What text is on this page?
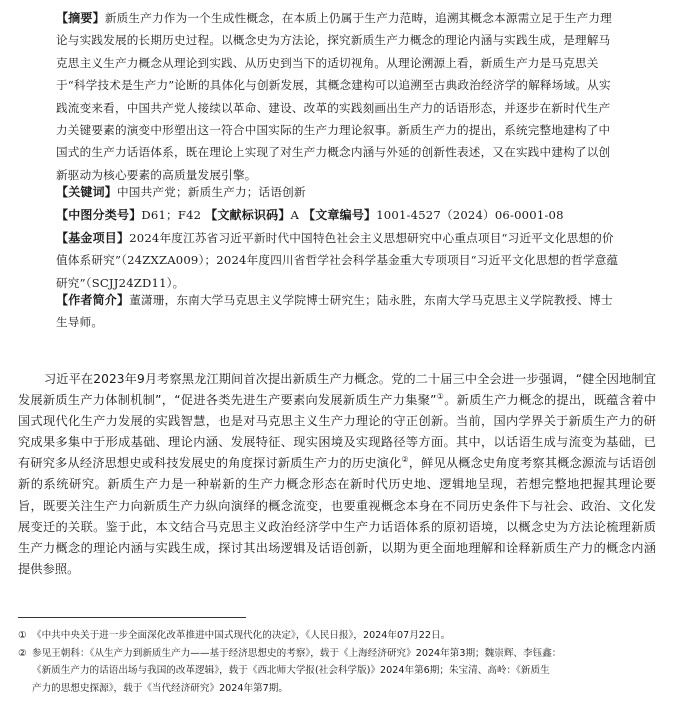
【摘要】新质生产力作为一个生成性概念，在本质上仍属于生产力范畴，追溯其概念本源需立足于生产力理论与实践发展的长期历史过程。以概念史为方法论，探究新质生产力概念的理论内涵与实践生成，是理解马克思主义生产力概念从理论到实践、从历史到当下的适切视角。从理论溯源上看，新质生产力是马克思关于“科学技术是生产力”论断的具体化与创新发展，其概念建构可以追溯至古典政治经济学的解释场域。从实践流变来看，中国共产党人接续以革命、建设、改革的实践刻画出生产力的话语形态，并逐步在新时代生产力关键要素的演变中形塑出这一符合中国实际的生产力理论叙事。新质生产力的提出，系统完整地建构了中国式的生产力话语体系，既在理论上实现了对生产力概念内涵与外延的创新性表述，又在实践中建构了以创新驱动为核心要素的高质量发展引擎。
【关键词】中国共产党；新质生产力；话语创新
【中图分类号】D61；F42 【文献标识码】A 【文章编号】1001-4527（2024）06-0001-08
【基金项目】2024年度江苏省习近平新时代中国特色社会主义思想研究中心重点项目“习近平文化思想的价值体系研究”（24ZXZA009）；2024年度四川省哲学社会科学基金重大专项项目“习近平文化思想的哲学意蕴研究”（SCJJ24ZD11）。
【作者简介】董潇珊，东南大学马克思主义学院博士研究生；陆永胜，东南大学马克思主义学院教授、博士生导师。

习近平在2023年9月考察黑龙江期间首次提出新质生产力概念。党的二十届三中全会进一步强调，“健全因地制宜发展新质生产力体制机制”，“促进各类先进生产要素向发展新质生产力集聚”①。新质生产力概念的提出，既蕴含着中国式现代化生产力发展的实践智慧，也是对马克思主义生产力理论的守正创新。当前，国内学界关于新质生产力的研究成果多集中于形成基础、理论内涵、发展特征、现实困境及实现路径等方面。其中，以话语生成与流变为基础，已有研究多从经济思想史或科技发展史的角度探讨新质生产力的历史演化②，鲜见从概念史角度考察其概念源流与话语创新的系统研究。新质生产力是一种崭新的生产力概念形态在新时代历史地、逻辑地呈现，若想完整地把握其理论要旨，既要关注生产力向新质生产力纵向演绎的概念流变，也要重视概念本身在不同历史条件下与社会、政治、文化发展变迁的关联。鉴于此，本文结合马克思主义政治经济学中生产力话语体系的原初语境，以概念史为方法论梳理新质生产力概念的理论内涵与实践生成，探讨其出场逻辑及话语创新，以期为更全面地理解和诠释新质生产力的概念内涵提供参照。

① 《中共中央关于进一步全面深化改革推进中国式现代化的决定》，《人民日报》，2024年07月22日。

② 参见王朝科：《从生产力到新质生产力——基于经济思想史的考察》，载于《上海经济研究》2024年第3期；魏崇辉、李钰鑫：

《新质生产力的话语出场与我国的改革逻辑》，载于《西北师大学报(社会科学版)》2024年第6期；朱宝清、高岭：《新质生

产力的思想史探源》，载于《当代经济研究》2024年第7期。
